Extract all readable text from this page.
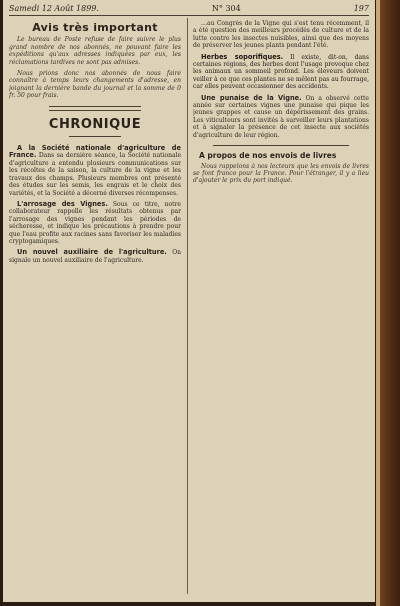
Samedi 12 Août 1899.	N° 304	197
Avis très important

Le bureau de Poste refuse de faire suivre le plus grand nombre de nos abonnés, ne pouvant faire les expéditions qu'aux adresses indiquées par eux, les réclamations tardives ne sont pas admises.

Nous prions donc nos abonnés de nous faire connaître à temps leurs changements d'adresse, en joignant la dernière bande du journal et la somme de 0 fr. 50 pour frais.

CHRONIQUE

A la Société nationale d'agriculture de France. Dans sa dernière séance, la Société nationale d'agriculture a entendu plusieurs communications sur les récoltes de la saison, la culture de la vigne et les travaux des champs. Plusieurs membres ont présenté des études sur les semis, les engrais et le choix des variétés, et la Société a décerné diverses récompenses.

L'arrosage des Vignes. Sous ce titre, notre collaborateur rappelle les résultats obtenus par l'arrosage des vignes pendant les périodes de sécheresse, et indique les précautions à prendre pour que l'eau profite aux racines sans favoriser les maladies cryptogamiques.

Un nouvel auxiliaire de l'agriculture. On signale un nouvel auxiliaire de l'agriculture.

…au Congrès de la Vigne qui s'est tenu récemment, il a été question des meilleurs procédés de culture et de la lutte contre les insectes nuisibles, ainsi que des moyens de préserver les jeunes plants pendant l'été.

Herbes soporifiques. Il existe, dit-on, dans certaines régions, des herbes dont l'usage provoque chez les animaux un sommeil profond. Les éleveurs doivent veiller à ce que ces plantes ne se mêlent pas au fourrage, car elles peuvent occasionner des accidents.

Une punaise de la Vigne. On a observé cette année sur certaines vignes une punaise qui pique les jeunes grappes et cause un dépérissement des grains. Les viticulteurs sont invités à surveiller leurs plantations et à signaler la présence de cet insecte aux sociétés d'agriculture de leur région.

A propos de nos envois de livres

Nous rappelons à nos lecteurs que les envois de livres se font franco pour la France. Pour l'étranger, il y a lieu d'ajouter le prix du port indiqué.
